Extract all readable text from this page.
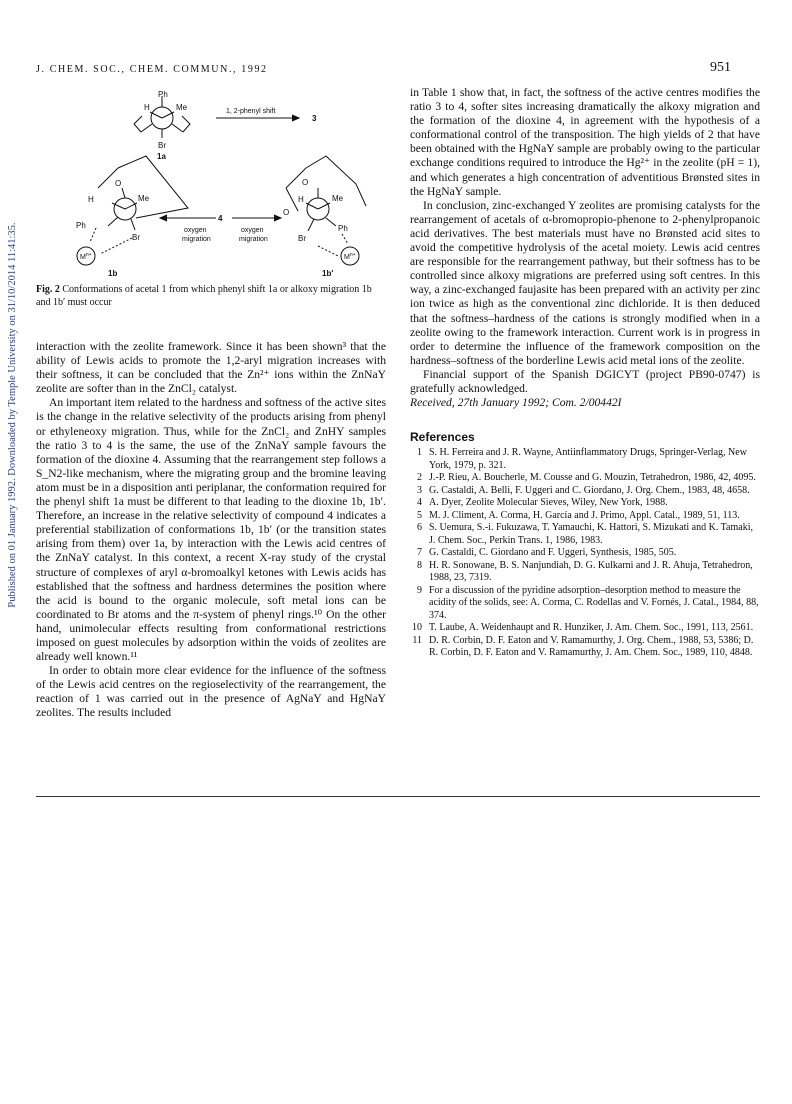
Published on 01 January 1992. Downloaded by Temple University on 31/10/2014 11:41:35.
J. CHEM. SOC., CHEM. COMMUN., 1992	951
Ph
H	Me
Br
1a
1, 2-phenyl shift
3
H
O
Me
Ph
Br
$M^{n+}$
1b
4
oxygen
migration
oxygen
migration
O
O
H	Me
Ph
Br
$M^{n+}$
1b′
Fig. 2 Conformations of acetal 1 from which phenyl shift 1a or alkoxy migration 1b and 1b′ must occur

interaction with the zeolite framework. Since it has been shown³ that the ability of Lewis acids to promote the 1,2-aryl migration increases with their softness, it can be concluded that the Zn²⁺ ions within the ZnNaY zeolite are softer than in the ZnCl₂ catalyst.

An important item related to the hardness and softness of the active sites is the change in the relative selectivity of the products arising from phenyl or ethyleneoxy migration. Thus, while for the ZnCl₂ and ZnHY samples the ratio 3 to 4 is the same, the use of the ZnNaY sample favours the formation of the dioxine 4. Assuming that the rearrangement step follows a S_N2-like mechanism, where the migrating group and the bromine leaving atom must be in a disposition anti periplanar, the conformation required for the phenyl shift 1a must be different to that leading to the dioxine 1b, 1b′. Therefore, an increase in the relative selectivity of compound 4 indicates a preferential stabilization of conformations 1b, 1b′ (or the transition states arising from them) over 1a, by interaction with the Lewis acid centres of the ZnNaY catalyst. In this context, a recent X-ray study of the crystal structure of complexes of aryl α-bromoalkyl ketones with Lewis acids has established that the softness and hardness determines the position where the acid is bound to the organic molecule, soft metal ions can be coordinated to Br atoms and the π-system of phenyl rings.¹⁰ On the other hand, unimolecular effects resulting from conformational restrictions imposed on guest molecules by adsorption within the voids of zeolites are already well known.¹¹

In order to obtain more clear evidence for the influence of the softness of the Lewis acid centres on the regioselectivity of the rearrangement, the reaction of 1 was carried out in the presence of AgNaY and HgNaY zeolites. The results included

in Table 1 show that, in fact, the softness of the active centres modifies the ratio 3 to 4, softer sites increasing dramatically the alkoxy migration and the formation of the dioxine 4, in agreement with the hypothesis of a conformational control of the transposition. The high yields of 2 that have been obtained with the HgNaY sample are probably owing to the particular exchange conditions required to introduce the Hg²⁺ in the zeolite (pH = 1), and which generates a high concentration of adventitious Brønsted sites in the HgNaY sample.

In conclusion, zinc-exchanged Y zeolites are promising catalysts for the rearrangement of acetals of α-bromopropio-phenone to 2-phenylpropanoic acid derivatives. The best materials must have no Brønsted acid sites to avoid the competitive hydrolysis of the acetal moiety. Lewis acid centres are responsible for the rearrangement pathway, but their softness has to be controlled since alkoxy migrations are preferred using soft centres. In this way, a zinc-exchanged faujasite has been prepared with an activity per zinc ion twice as high as the conventional zinc dichloride. It is then deduced that the softness–hardness of the cations is strongly modified when in a zeolite owing to the framework interaction. Current work is in progress in order to determine the influence of the framework composition on the hardness–softness of the borderline Lewis acid metal ions of the zeolite.

Financial support of the Spanish DGICYT (project PB90-0747) is gratefully acknowledged.

Received, 27th January 1992; Com. 2/00442I

References
1 S. H. Ferreira and J. R. Wayne, Antiinflammatory Drugs, Springer-Verlag, New York, 1979, p. 321.
2 J.-P. Rieu, A. Boucherle, M. Cousse and G. Mouzin, Tetrahedron, 1986, 42, 4095.
3 G. Castaldi, A. Belli, F. Uggeri and C. Giordano, J. Org. Chem., 1983, 48, 4658.
4 A. Dyer, Zeolite Molecular Sieves, Wiley, New York, 1988.
5 M. J. Climent, A. Corma, H. García and J. Primo, Appl. Catal., 1989, 51, 113.
6 S. Uemura, S.-i. Fukuzawa, T. Yamauchi, K. Hattori, S. Mizukati and K. Tamaki, J. Chem. Soc., Perkin Trans. 1, 1986, 1983.
7 G. Castaldi, C. Giordano and F. Uggeri, Synthesis, 1985, 505.
8 H. R. Sonowane, B. S. Nanjundiah, D. G. Kulkarni and J. R. Ahuja, Tetrahedron, 1988, 23, 7319.
9 For a discussion of the pyridine adsorption–desorption method to measure the acidity of the solids, see: A. Corma, C. Rodellas and V. Fornés, J. Catal., 1984, 88, 374.
10 T. Laube, A. Weidenhaupt and R. Hunziker, J. Am. Chem. Soc., 1991, 113, 2561.
11 D. R. Corbin, D. F. Eaton and V. Ramamurthy, J. Org. Chem., 1988, 53, 5386; D. R. Corbin, D. F. Eaton and V. Ramamurthy, J. Am. Chem. Soc., 1989, 110, 4848.
